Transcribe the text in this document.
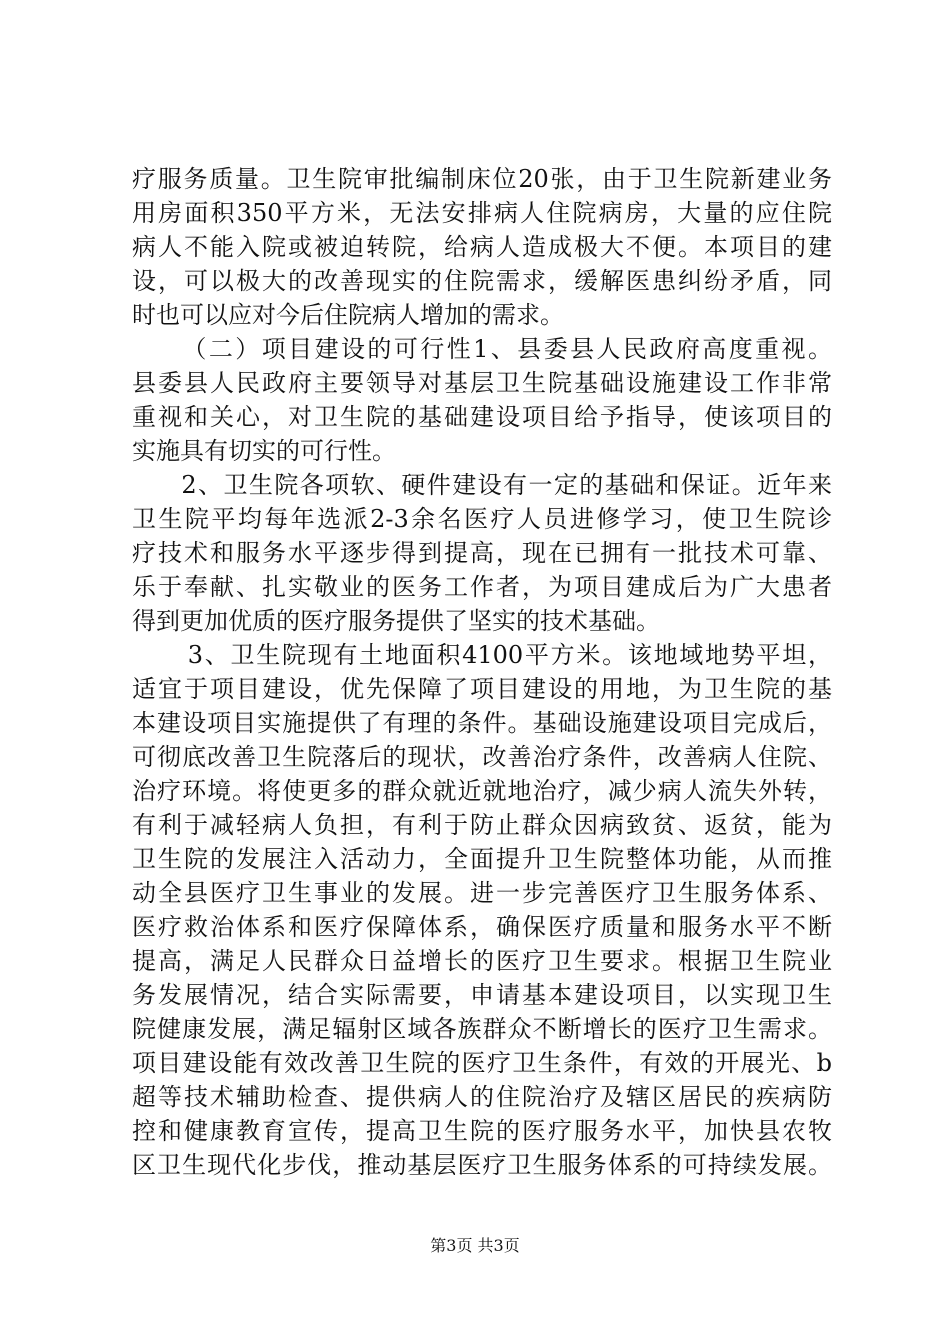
疗服务质量。卫生院审批编制床位20张，由于卫生院新建业务
用房面积350平方米，无法安排病人住院病房，大量的应住院
病人不能入院或被迫转院，给病人造成极大不便。本项目的建
设，可以极大的改善现实的住院需求，缓解医患纠纷矛盾，同
时也可以应对今后住院病人增加的需求。
　（二）项目建设的可行性1、县委县人民政府高度重视。
县委县人民政府主要领导对基层卫生院基础设施建设工作非常
重视和关心，对卫生院的基础建设项目给予指导，使该项目的
实施具有切实的可行性。
　2、卫生院各项软、硬件建设有一定的基础和保证。近年来
卫生院平均每年选派2-3余名医疗人员进修学习，使卫生院诊
疗技术和服务水平逐步得到提高，现在已拥有一批技术可靠、
乐于奉献、扎实敬业的医务工作者，为项目建成后为广大患者
得到更加优质的医疗服务提供了坚实的技术基础。
　3、卫生院现有土地面积4100平方米。该地域地势平坦，
适宜于项目建设，优先保障了项目建设的用地，为卫生院的基
本建设项目实施提供了有理的条件。基础设施建设项目完成后，
可彻底改善卫生院落后的现状，改善治疗条件，改善病人住院、
治疗环境。将使更多的群众就近就地治疗，减少病人流失外转，
有利于减轻病人负担，有利于防止群众因病致贫、返贫，能为
卫生院的发展注入活动力，全面提升卫生院整体功能，从而推
动全县医疗卫生事业的发展。进一步完善医疗卫生服务体系、
医疗救治体系和医疗保障体系，确保医疗质量和服务水平不断
提高，满足人民群众日益增长的医疗卫生要求。根据卫生院业
务发展情况，结合实际需要，申请基本建设项目，以实现卫生
院健康发展，满足辐射区域各族群众不断增长的医疗卫生需求。
项目建设能有效改善卫生院的医疗卫生条件，有效的开展光、b
超等技术辅助检查、提供病人的住院治疗及辖区居民的疾病防
控和健康教育宣传，提高卫生院的医疗服务水平，加快县农牧
区卫生现代化步伐，推动基层医疗卫生服务体系的可持续发展。
第3页 共3页
